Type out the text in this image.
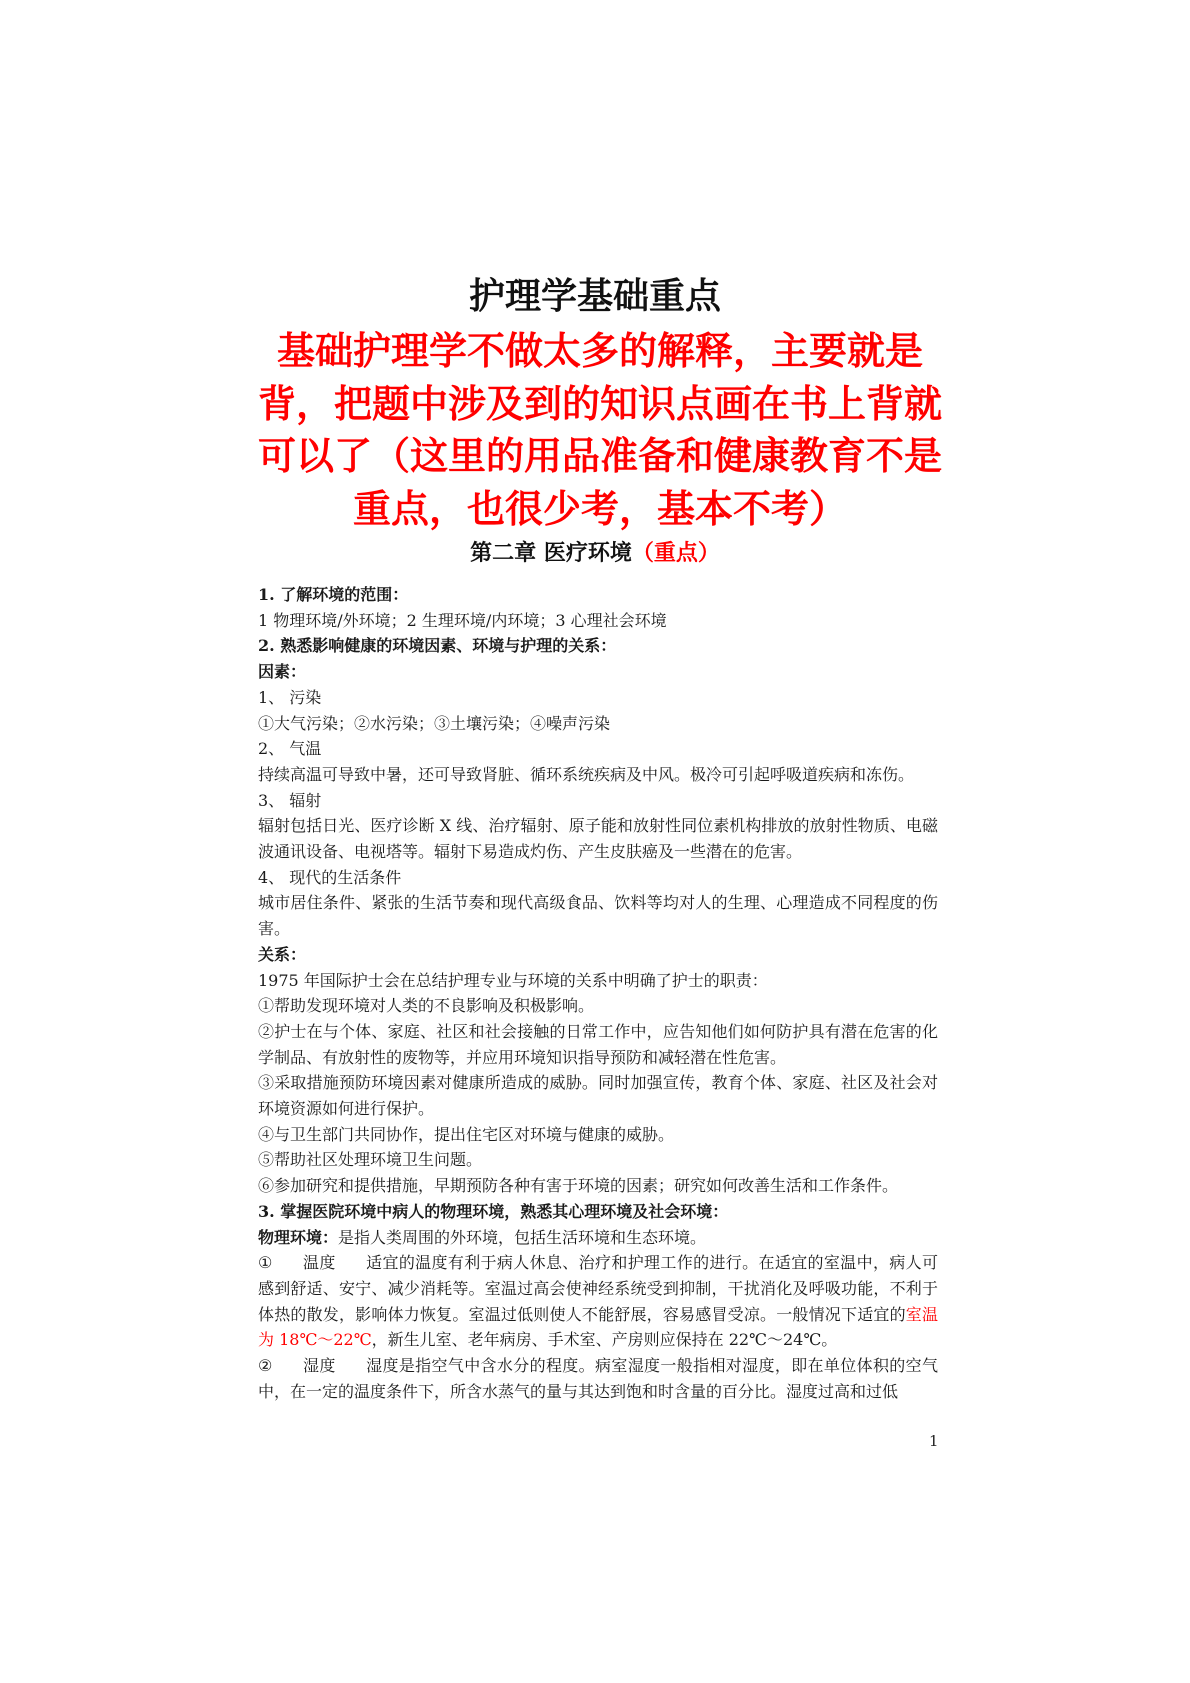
护理学基础重点
基础护理学不做太多的解释，主要就是背，把题中涉及到的知识点画在书上背就可以了（这里的用品准备和健康教育不是重点，也很少考，基本不考）
第二章 医疗环境（重点）

1. 了解环境的范围：

1 物理环境/外环境；2 生理环境/内环境；3 心理社会环境

2. 熟悉影响健康的环境因素、环境与护理的关系：

因素：

1、 污染

①大气污染；②水污染；③土壤污染；④噪声污染

2、 气温

持续高温可导致中暑，还可导致肾脏、循环系统疾病及中风。极冷可引起呼吸道疾病和冻伤。

3、 辐射

辐射包括日光、医疗诊断 X 线、治疗辐射、原子能和放射性同位素机构排放的放射性物质、电磁波通讯设备、电视塔等。辐射下易造成灼伤、产生皮肤癌及一些潜在的危害。

4、 现代的生活条件

城市居住条件、紧张的生活节奏和现代高级食品、饮料等均对人的生理、心理造成不同程度的伤害。

关系：

1975 年国际护士会在总结护理专业与环境的关系中明确了护士的职责：

①帮助发现环境对人类的不良影响及积极影响。

②护士在与个体、家庭、社区和社会接触的日常工作中，应告知他们如何防护具有潜在危害的化学制品、有放射性的废物等，并应用环境知识指导预防和减轻潜在性危害。

③采取措施预防环境因素对健康所造成的威胁。同时加强宣传，教育个体、家庭、社区及社会对环境资源如何进行保护。

④与卫生部门共同协作，提出住宅区对环境与健康的威胁。

⑤帮助社区处理环境卫生问题。

⑥参加研究和提供措施，早期预防各种有害于环境的因素；研究如何改善生活和工作条件。

3. 掌握医院环境中病人的物理环境，熟悉其心理环境及社会环境：

物理环境：是指人类周围的外环境，包括生活环境和生态环境。

① 温度 适宜的温度有利于病人休息、治疗和护理工作的进行。在适宜的室温中，病人可感到舒适、安宁、减少消耗等。室温过高会使神经系统受到抑制，干扰消化及呼吸功能，不利于体热的散发，影响体力恢复。室温过低则使人不能舒展，容易感冒受凉。一般情况下适宜的室温为 18℃～22℃，新生儿室、老年病房、手术室、产房则应保持在 22℃～24℃。

② 湿度 湿度是指空气中含水分的程度。病室湿度一般指相对湿度，即在单位体积的空气中，在一定的温度条件下，所含水蒸气的量与其达到饱和时含量的百分比。湿度过高和过低

1
